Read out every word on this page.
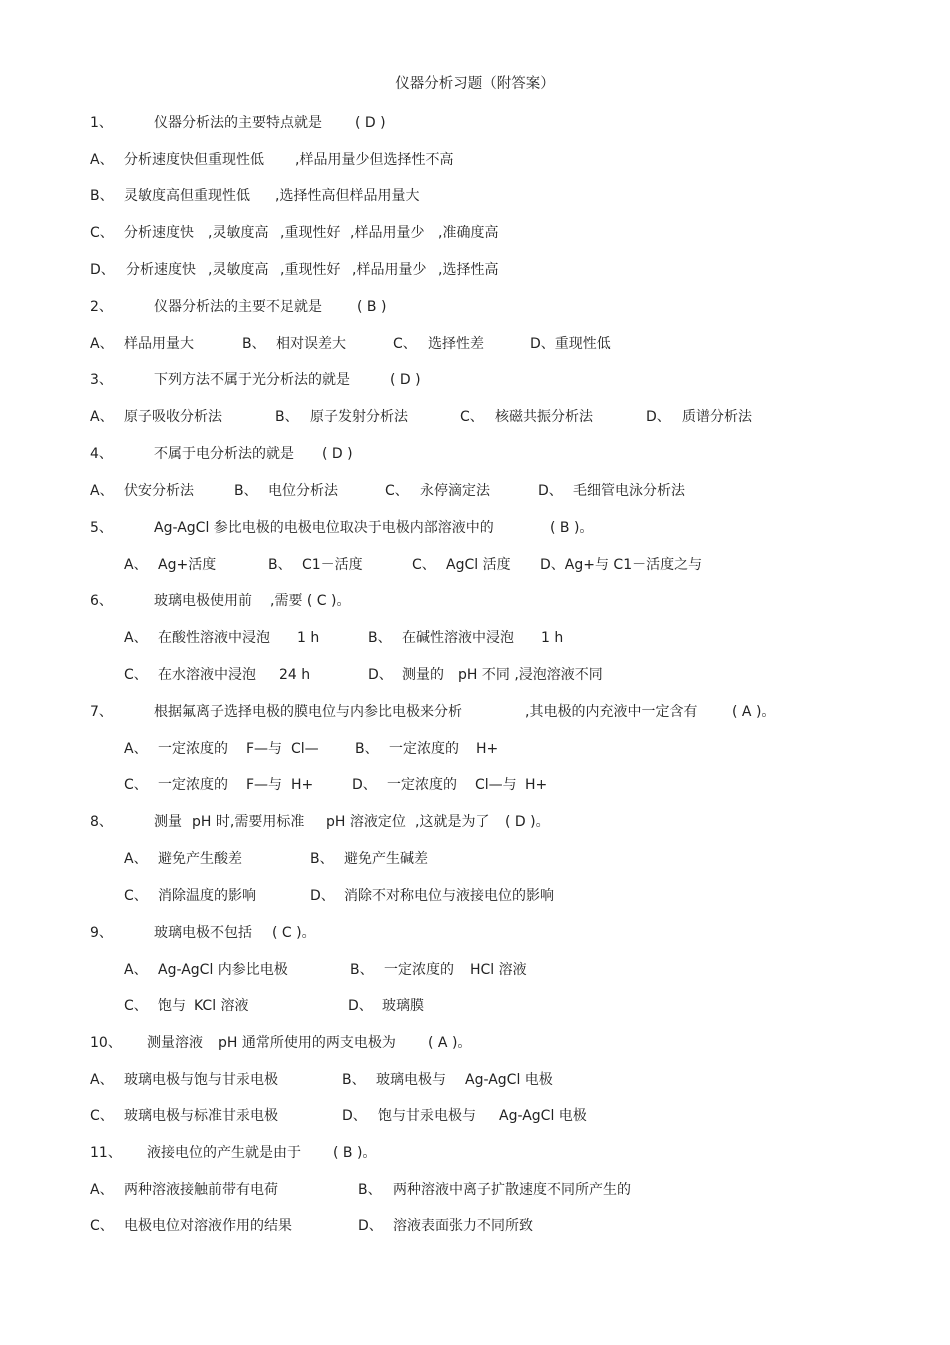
仪器分析习题（附答案）
1、	仪器分析法的主要特点就是 ( D )
A、 分析速度快但重现性低 ,样品用量少但选择性不高
B、 灵敏度高但重现性低 ,选择性高但样品用量大
C、 分析速度快 ,灵敏度高 ,重现性好 ,样品用量少 ,准确度高
D、 分析速度快 ,灵敏度高 ,重现性好 ,样品用量少 ,选择性高
2、	仪器分析法的主要不足就是	( B )
A、 样品用量大	B、 相对误差大	C、 选择性差	D、重现性低
3、	下列方法不属于光分析法的就是	( D )
A、 原子吸收分析法	B、 原子发射分析法	C、 核磁共振分析法	D、 质谱分析法
4、	不属于电分析法的就是 ( D )
A、 伏安分析法	B、 电位分析法	C、 永停滴定法	D、 毛细管电泳分析法
5、	Ag-AgCl 参比电极的电极电位取决于电极内部溶液中的	( B )。
A、 Ag+活度	B、 C1－活度	C、 AgCl 活度 D、Ag+与 C1－活度之与
6、	玻璃电极使用前 ,需要 ( C )。
A、 在酸性溶液中浸泡 1 h	B、 在碱性溶液中浸泡 1 h
C、 在水溶液中浸泡 24 h	D、 测量的 pH 不同 ,浸泡溶液不同
7、	根据氟离子选择电极的膜电位与内参比电极来分析	,其电极的内充液中一定含有 ( A )。
A、 一定浓度的 F—与 Cl—	B、 一定浓度的 H+
C、 一定浓度的 F—与 H+	D、 一定浓度的 Cl—与 H+
8、	测量 pH 时,需要用标准 pH 溶液定位 ,这就是为了 ( D )。
A、 避免产生酸差	B、 避免产生碱差
C、 消除温度的影响	D、 消除不对称电位与液接电位的影响
9、	玻璃电极不包括 ( C )。
A、 Ag-AgCl 内参比电极	B、 一定浓度的 HCl 溶液
C、 饱与 KCl 溶液	D、 玻璃膜
10、 测量溶液 pH 通常所使用的两支电极为 ( A )。
A、 玻璃电极与饱与甘汞电极	B、 玻璃电极与 Ag-AgCl 电极
C、 玻璃电极与标准甘汞电极	D、 饱与甘汞电极与 Ag-AgCl 电极
11、 液接电位的产生就是由于 ( B )。
A、 两种溶液接触前带有电荷	B、 两种溶液中离子扩散速度不同所产生的
C、 电极电位对溶液作用的结果	D、 溶液表面张力不同所致
